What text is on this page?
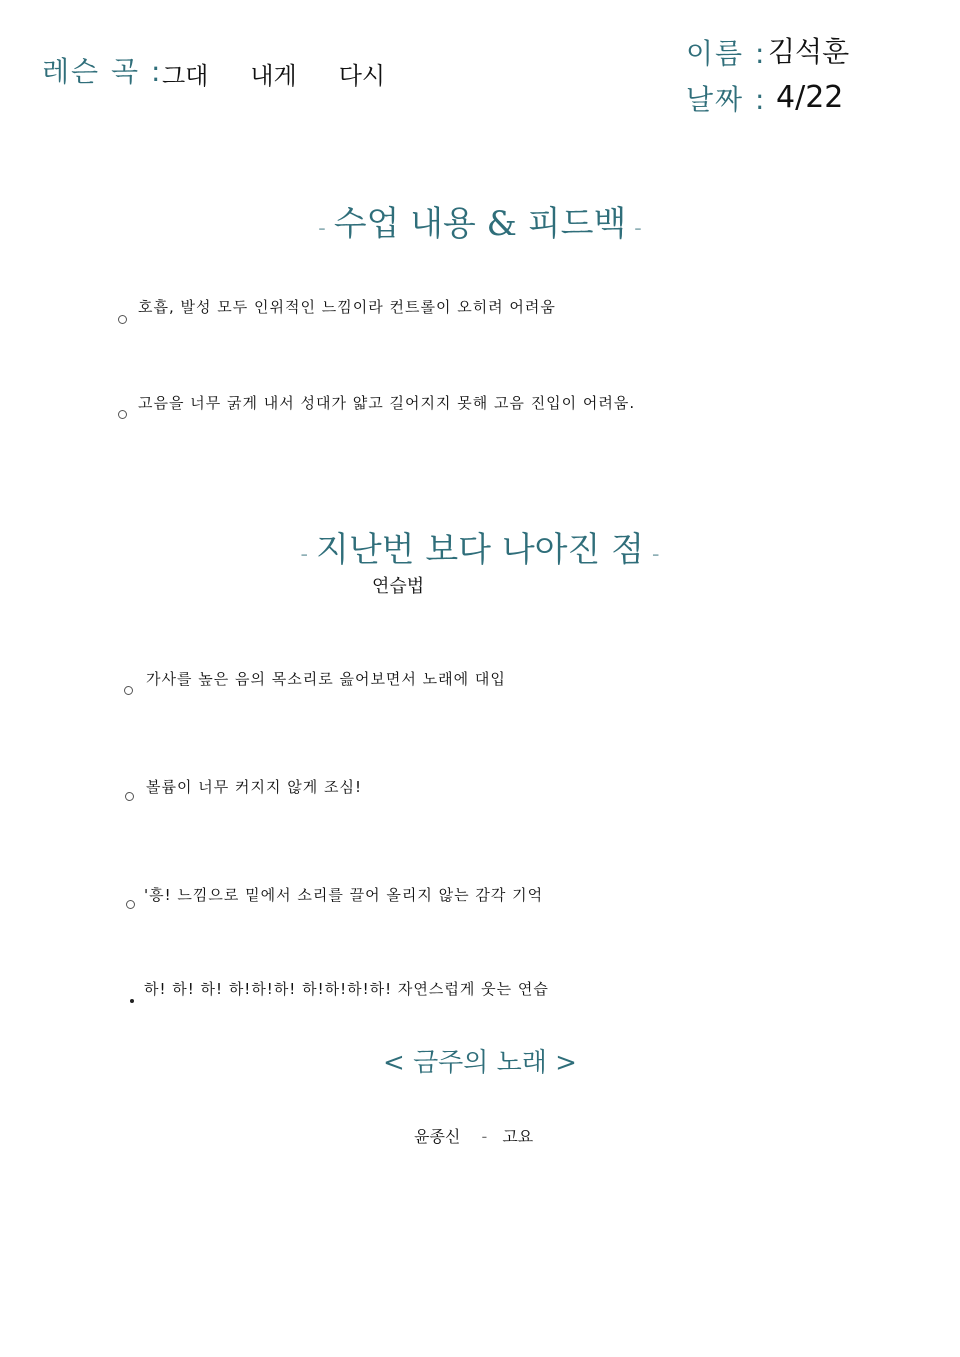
레슨 곡 : 그대 내게 다시
이름 : 김석훈
날짜 : 4/22
- 수업 내용 & 피드백 -
호흡, 발성 모두 인위적인 느낌이라 컨트롤이 오히려 어려움
고음을 너무 굵게 내서 성대가 얇고 길어지지 못해 고음 진입이 어려움.
- 지난번 보다 나아진 점 -
연습법
가사를 높은 음의 목소리로 읊어보면서 노래에 대입
볼륨이 너무 커지지 않게 조심!
'흥! 느낌으로 밑에서 소리를 끌어 올리지 않는 감각 기억
하! 하! 하! 하!하!하! 하!하!하!하! 자연스럽게 웃는 연습
< 금주의 노래 >
윤종신 - 고요
